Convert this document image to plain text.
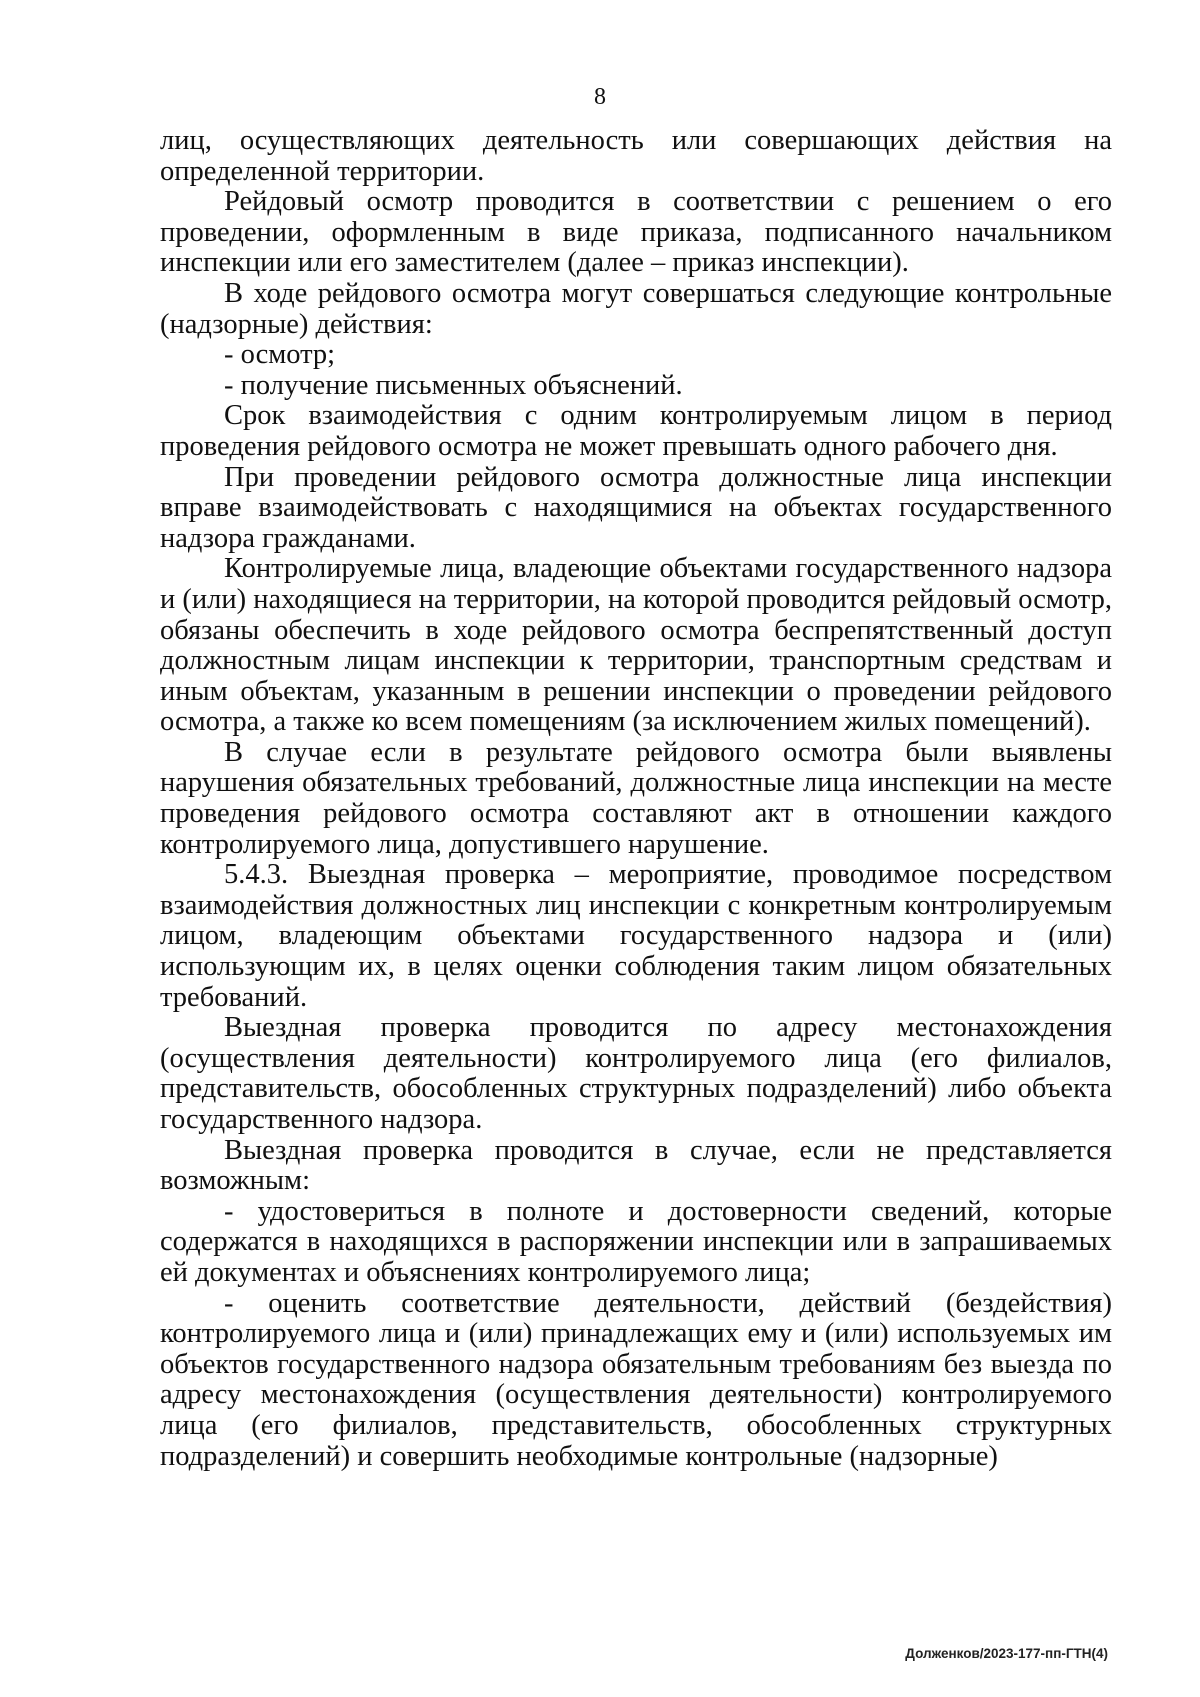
8

лиц, осуществляющих деятельность или совершающих действия на определенной территории.

Рейдовый осмотр проводится в соответствии с решением о его проведении, оформленным в виде приказа, подписанного начальником инспекции или его заместителем (далее – приказ инспекции).

В ходе рейдового осмотра могут совершаться следующие контрольные (надзорные) действия:

- осмотр;

- получение письменных объяснений.

Срок взаимодействия с одним контролируемым лицом в период проведения рейдового осмотра не может превышать одного рабочего дня.

При проведении рейдового осмотра должностные лица инспекции вправе взаимодействовать с находящимися на объектах государственного надзора гражданами.

Контролируемые лица, владеющие объектами государственного надзора и (или) находящиеся на территории, на которой проводится рейдовый осмотр, обязаны обеспечить в ходе рейдового осмотра беспрепятственный доступ должностным лицам инспекции к территории, транспортным средствам и иным объектам, указанным в решении инспекции о проведении рейдового осмотра, а также ко всем помещениям (за исключением жилых помещений).

В случае если в результате рейдового осмотра были выявлены нарушения обязательных требований, должностные лица инспекции на месте проведения рейдового осмотра составляют акт в отношении каждого контролируемого лица, допустившего нарушение.

5.4.3. Выездная проверка – мероприятие, проводимое посредством взаимодействия должностных лиц инспекции с конкретным контролируемым лицом, владеющим объектами государственного надзора и (или) использующим их, в целях оценки соблюдения таким лицом обязательных требований.

Выездная проверка проводится по адресу местонахождения (осуществления деятельности) контролируемого лица (его филиалов, представительств, обособленных структурных подразделений) либо объекта государственного надзора.

Выездная проверка проводится в случае, если не представляется возможным:

- удостовериться в полноте и достоверности сведений, которые содержатся в находящихся в распоряжении инспекции или в запрашиваемых ей документах и объяснениях контролируемого лица;

- оценить соответствие деятельности, действий (бездействия) контролируемого лица и (или) принадлежащих ему и (или) используемых им объектов государственного надзора обязательным требованиям без выезда по адресу местонахождения (осуществления деятельности) контролируемого лица (его филиалов, представительств, обособленных структурных подразделений) и совершить необходимые контрольные (надзорные)

Долженков/2023-177-пп-ГТН(4)
